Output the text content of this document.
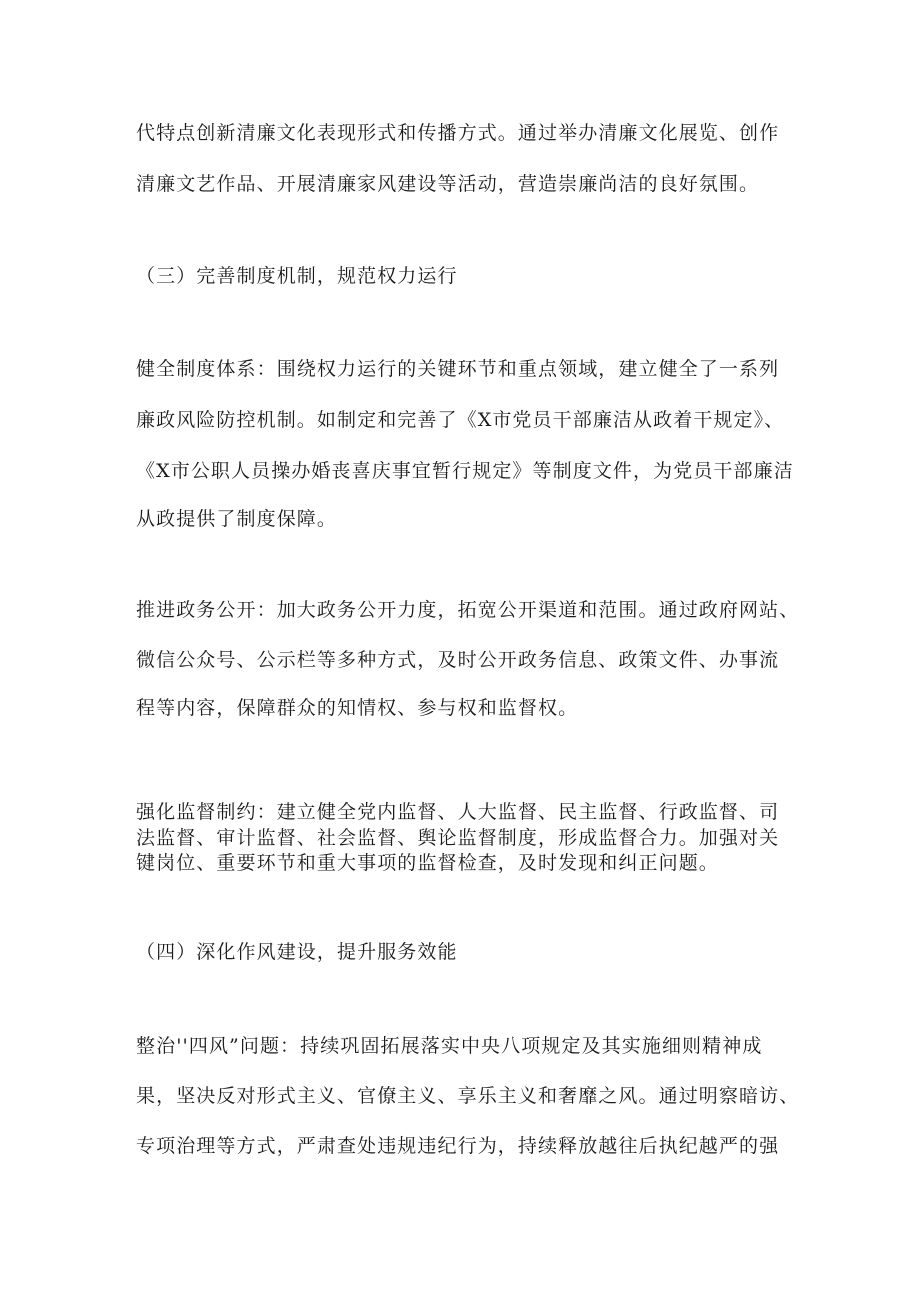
代特点创新清廉文化表现形式和传播方式。通过举办清廉文化展览、创作
清廉文艺作品、开展清廉家风建设等活动，营造崇廉尚洁的良好氛围。
（三）完善制度机制，规范权力运行
健全制度体系：围绕权力运行的关键环节和重点领域，建立健全了一系列
廉政风险防控机制。如制定和完善了《X市党员干部廉洁从政着干规定》、
《X市公职人员操办婚丧喜庆事宜暂行规定》等制度文件，为党员干部廉洁
从政提供了制度保障。
推进政务公开：加大政务公开力度，拓宽公开渠道和范围。通过政府网站、
微信公众号、公示栏等多种方式，及时公开政务信息、政策文件、办事流
程等内容，保障群众的知情权、参与权和监督权。
强化监督制约：建立健全党内监督、人大监督、民主监督、行政监督、司
法监督、审计监督、社会监督、舆论监督制度，形成监督合力。加强对关
键岗位、重要环节和重大事项的监督检查，及时发现和纠正问题。
（四）深化作风建设，提升服务效能
整治''四风”问题：持续巩固拓展落实中央八项规定及其实施细则精神成
果，坚决反对形式主义、官僚主义、享乐主义和奢靡之风。通过明察暗访、
专项治理等方式，严肃查处违规违纪行为，持续释放越往后执纪越严的强
